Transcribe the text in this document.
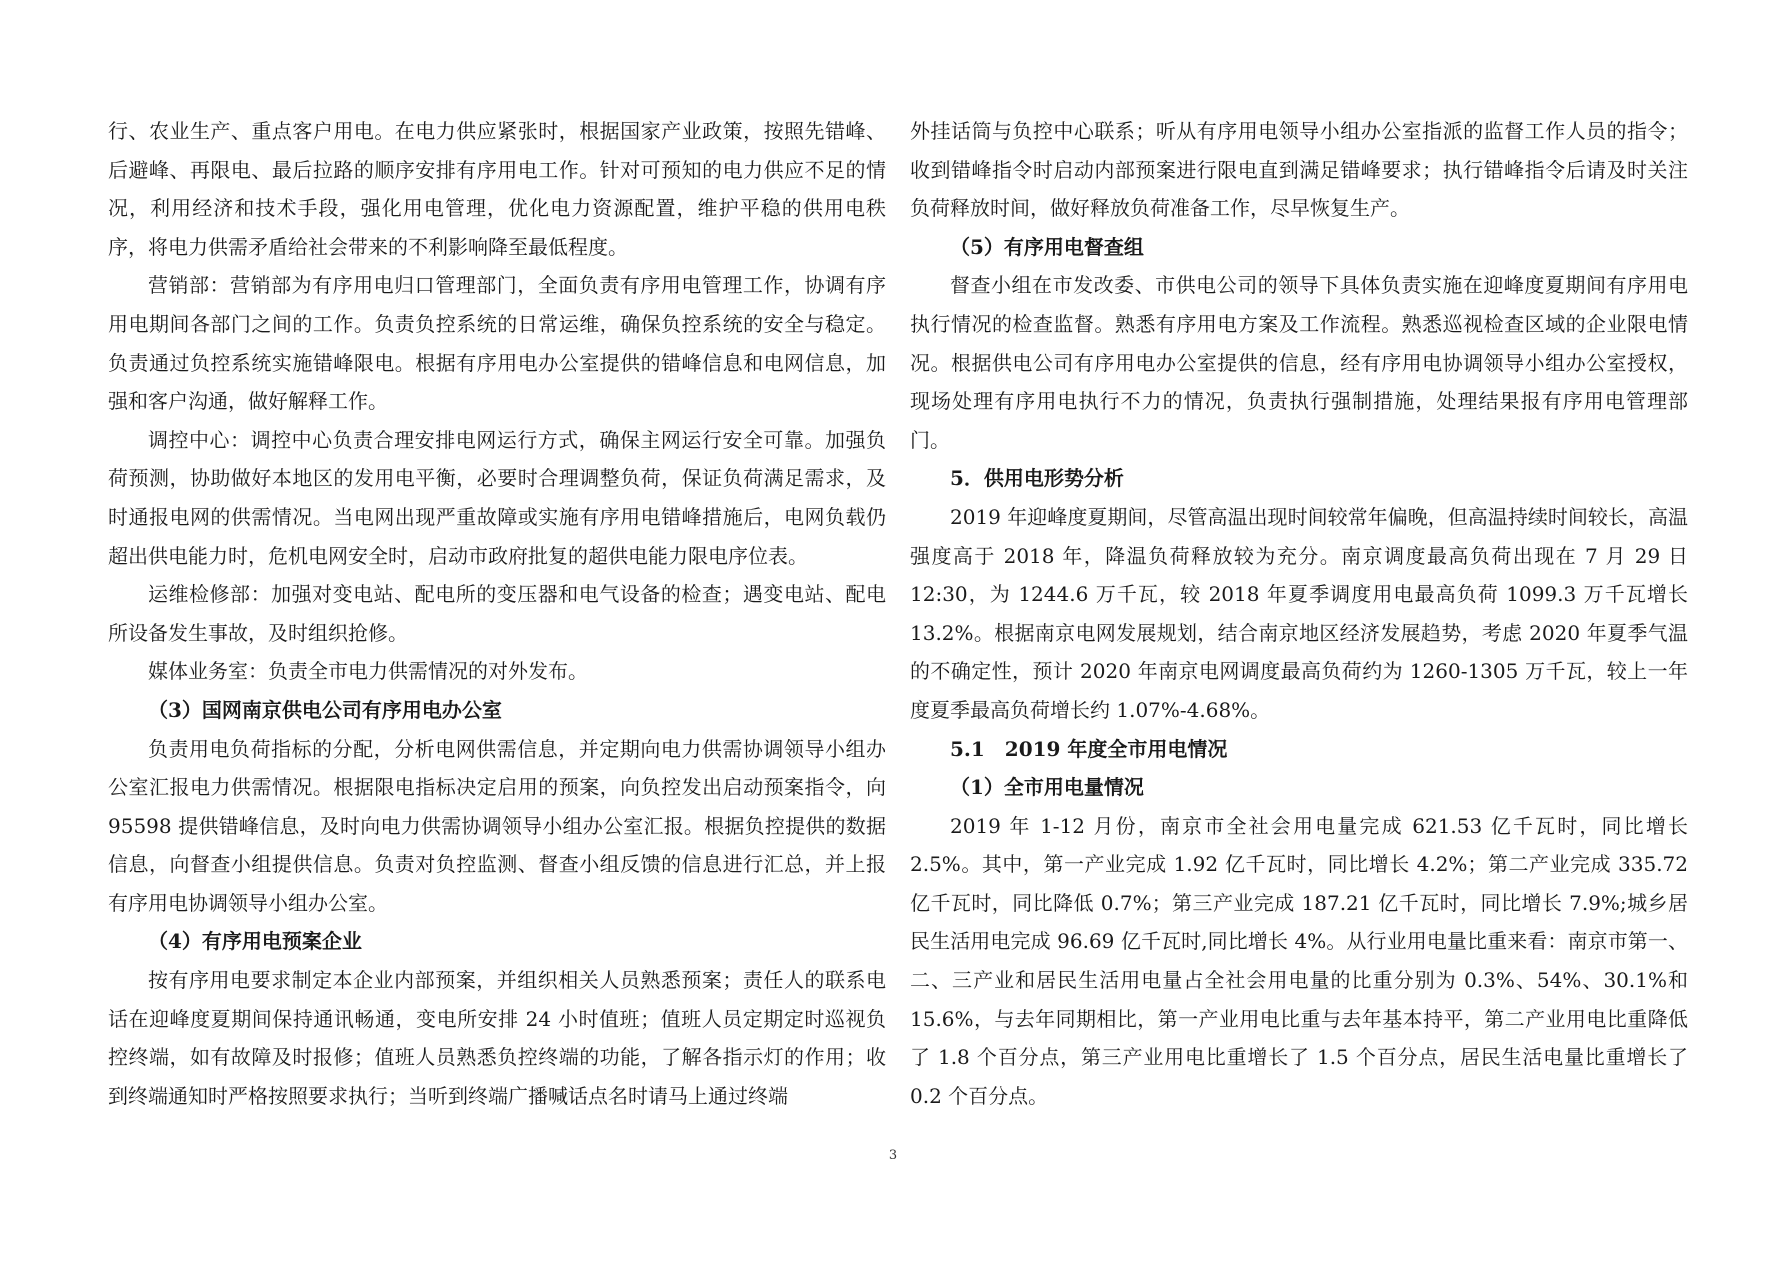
行、农业生产、重点客户用电。在电力供应紧张时，根据国家产业政策，按照先错峰、后避峰、再限电、最后拉路的顺序安排有序用电工作。针对可预知的电力供应不足的情况，利用经济和技术手段，强化用电管理，优化电力资源配置，维护平稳的供用电秩序，将电力供需矛盾给社会带来的不利影响降至最低程度。

营销部：营销部为有序用电归口管理部门，全面负责有序用电管理工作，协调有序用电期间各部门之间的工作。负责负控系统的日常运维，确保负控系统的安全与稳定。负责通过负控系统实施错峰限电。根据有序用电办公室提供的错峰信息和电网信息，加强和客户沟通，做好解释工作。

调控中心：调控中心负责合理安排电网运行方式，确保主网运行安全可靠。加强负荷预测，协助做好本地区的发用电平衡，必要时合理调整负荷，保证负荷满足需求，及时通报电网的供需情况。当电网出现严重故障或实施有序用电错峰措施后，电网负载仍超出供电能力时，危机电网安全时，启动市政府批复的超供电能力限电序位表。

运维检修部：加强对变电站、配电所的变压器和电气设备的检查；遇变电站、配电所设备发生事故，及时组织抢修。

媒体业务室：负责全市电力供需情况的对外发布。

（3）国网南京供电公司有序用电办公室

负责用电负荷指标的分配，分析电网供需信息，并定期向电力供需协调领导小组办公室汇报电力供需情况。根据限电指标决定启用的预案，向负控发出启动预案指令，向 95598 提供错峰信息，及时向电力供需协调领导小组办公室汇报。根据负控提供的数据信息，向督查小组提供信息。负责对负控监测、督查小组反馈的信息进行汇总，并上报有序用电协调领导小组办公室。

（4）有序用电预案企业

按有序用电要求制定本企业内部预案，并组织相关人员熟悉预案；责任人的联系电话在迎峰度夏期间保持通讯畅通，变电所安排 24 小时值班；值班人员定期定时巡视负控终端，如有故障及时报修；值班人员熟悉负控终端的功能，了解各指示灯的作用；收到终端通知时严格按照要求执行；当听到终端广播喊话点名时请马上通过终端

外挂话筒与负控中心联系；听从有序用电领导小组办公室指派的监督工作人员的指令；收到错峰指令时启动内部预案进行限电直到满足错峰要求；执行错峰指令后请及时关注负荷释放时间，做好释放负荷准备工作，尽早恢复生产。

（5）有序用电督查组

督查小组在市发改委、市供电公司的领导下具体负责实施在迎峰度夏期间有序用电执行情况的检查监督。熟悉有序用电方案及工作流程。熟悉巡视检查区域的企业限电情况。根据供电公司有序用电办公室提供的信息，经有序用电协调领导小组办公室授权，现场处理有序用电执行不力的情况，负责执行强制措施，处理结果报有序用电管理部门。

5．供用电形势分析

2019 年迎峰度夏期间，尽管高温出现时间较常年偏晚，但高温持续时间较长，高温强度高于 2018 年，降温负荷释放较为充分。南京调度最高负荷出现在 7 月 29 日 12:30，为 1244.6 万千瓦，较 2018 年夏季调度用电最高负荷 1099.3 万千瓦增长 13.2%。根据南京电网发展规划，结合南京地区经济发展趋势，考虑 2020 年夏季气温的不确定性，预计 2020 年南京电网调度最高负荷约为 1260-1305 万千瓦，较上一年度夏季最高负荷增长约 1.07%-4.68%。

5.1　2019 年度全市用电情况

（1）全市用电量情况

2019 年 1-12 月份，南京市全社会用电量完成 621.53 亿千瓦时，同比增长 2.5%。其中，第一产业完成 1.92 亿千瓦时，同比增长 4.2%；第二产业完成 335.72 亿千瓦时，同比降低 0.7%；第三产业完成 187.21 亿千瓦时，同比增长 7.9%;城乡居民生活用电完成 96.69 亿千瓦时,同比增长 4%。从行业用电量比重来看：南京市第一、二、三产业和居民生活用电量占全社会用电量的比重分别为 0.3%、54%、30.1%和 15.6%，与去年同期相比，第一产业用电比重与去年基本持平，第二产业用电比重降低了 1.8 个百分点，第三产业用电比重增长了 1.5 个百分点，居民生活电量比重增长了 0.2 个百分点。

3
